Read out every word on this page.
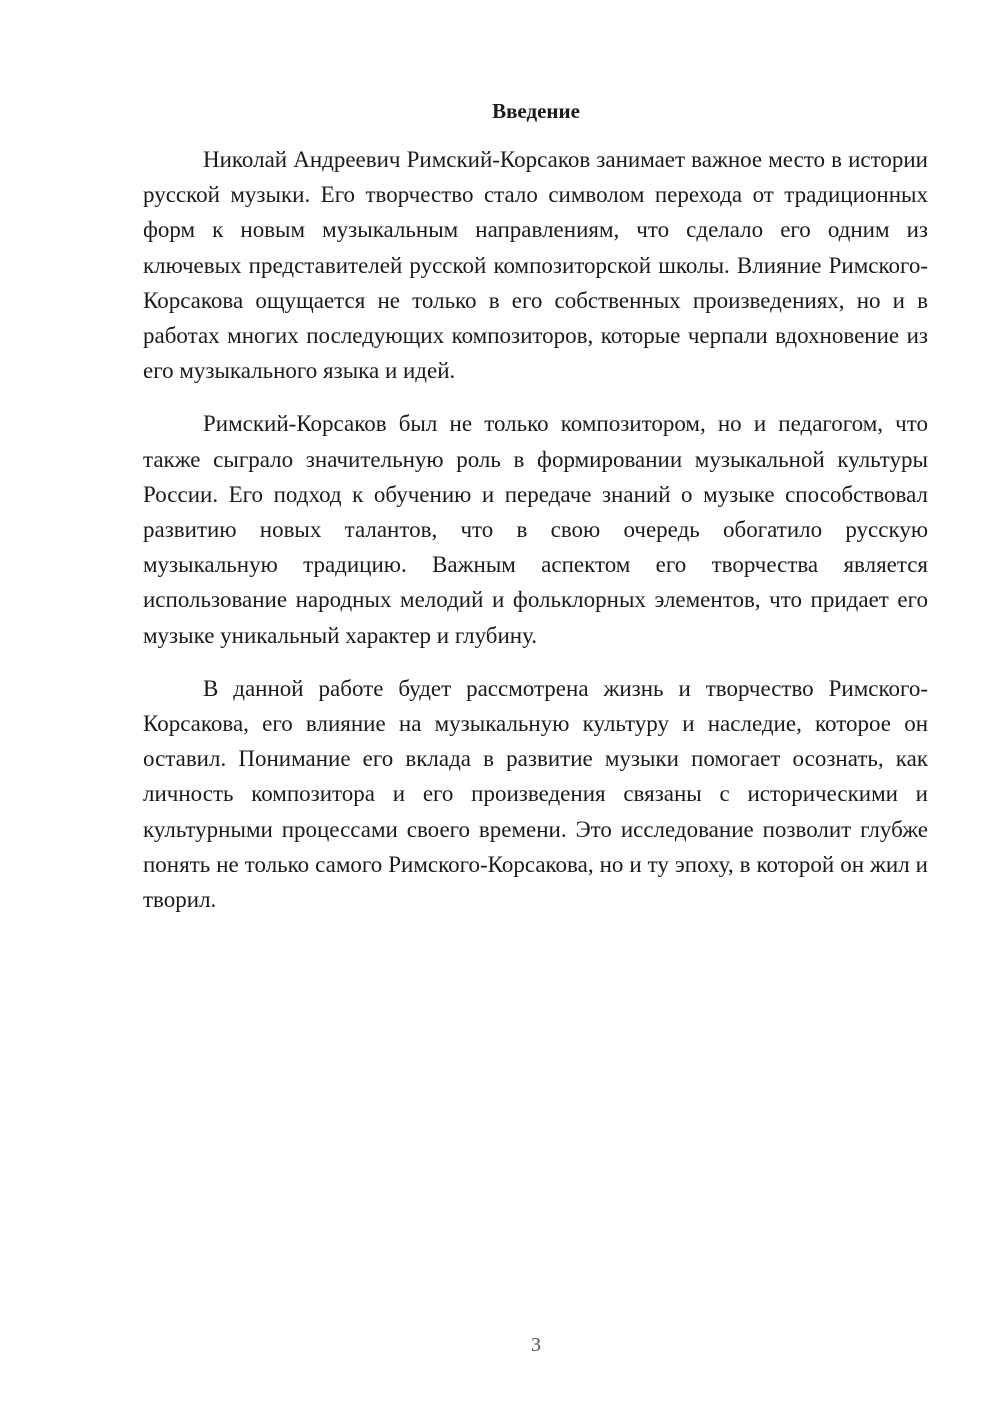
Введение

Николай Андреевич Римский-Корсаков занимает важное место в истории русской музыки. Его творчество стало символом перехода от традиционных форм к новым музыкальным направлениям, что сделало его одним из ключевых представителей русской композиторской школы. Влияние Римского-Корсакова ощущается не только в его собственных произведениях, но и в работах многих последующих композиторов, которые черпали вдохновение из его музыкального языка и идей.

Римский-Корсаков был не только композитором, но и педагогом, что также сыграло значительную роль в формировании музыкальной культуры России. Его подход к обучению и передаче знаний о музыке способствовал развитию новых талантов, что в свою очередь обогатило русскую музыкальную традицию. Важным аспектом его творчества является использование народных мелодий и фольклорных элементов, что придает его музыке уникальный характер и глубину.

В данной работе будет рассмотрена жизнь и творчество Римского-Корсакова, его влияние на музыкальную культуру и наследие, которое он оставил. Понимание его вклада в развитие музыки помогает осознать, как личность композитора и его произведения связаны с историческими и культурными процессами своего времени. Это исследование позволит глубже понять не только самого Римского-Корсакова, но и ту эпоху, в которой он жил и творил.

3
